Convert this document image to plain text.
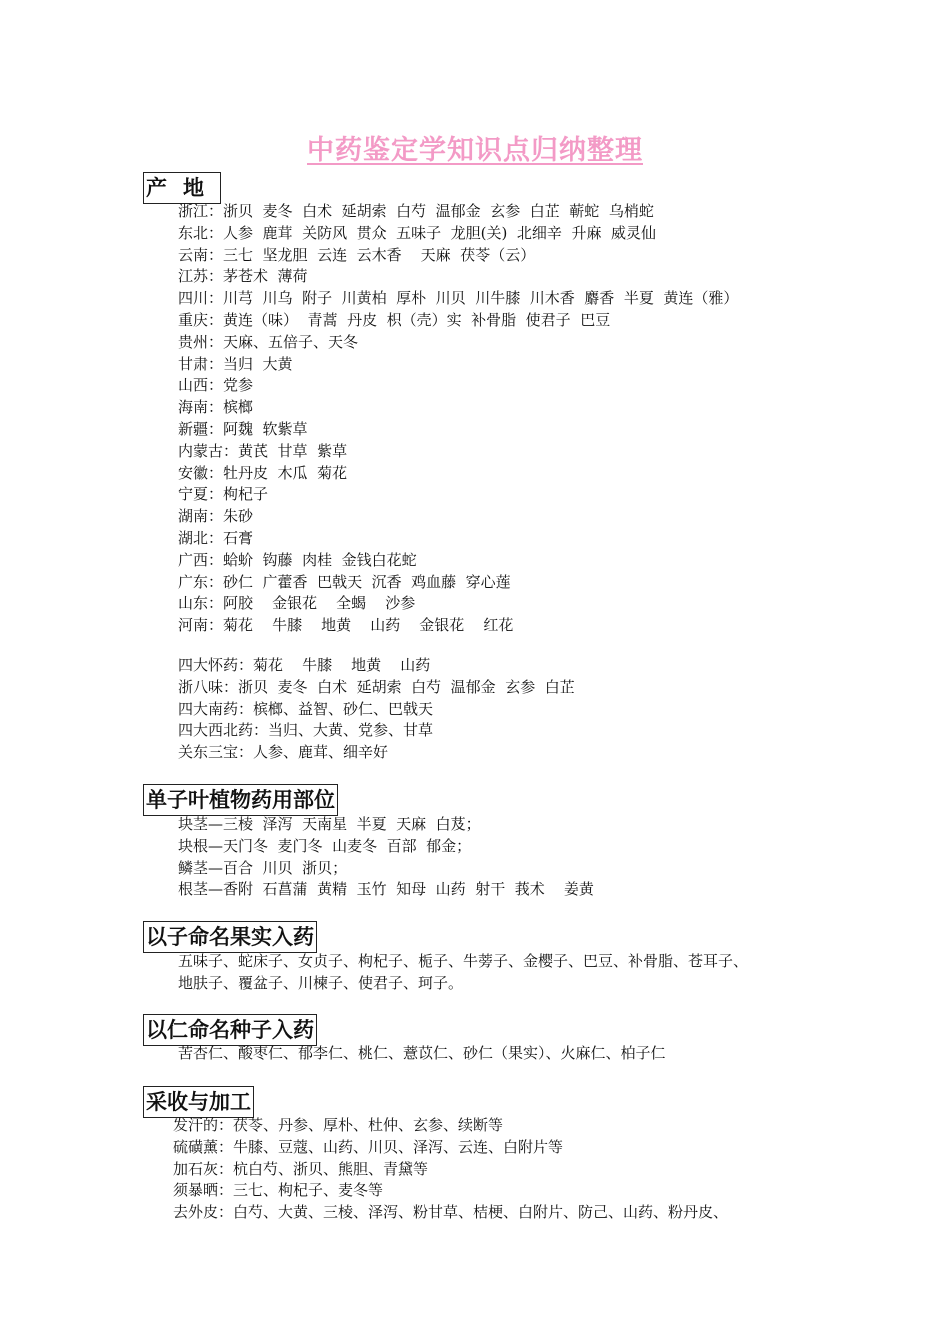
中药鉴定学知识点归纳整理
产地
浙江：浙贝  麦冬  白术  延胡索  白芍  温郁金  玄参  白芷  蕲蛇  乌梢蛇
东北：人参  鹿茸  关防风  贯众  五味子  龙胆(关)  北细辛  升麻  威灵仙
云南：三七  坚龙胆  云连  云木香    天麻  茯苓（云）
江苏：茅苍术  薄荷
四川：川芎  川乌  附子  川黄柏  厚朴  川贝  川牛膝  川木香  麝香  半夏  黄连（雅）
重庆：黄连（味）  青蒿  丹皮  枳（壳）实  补骨脂  使君子  巴豆
贵州：天麻、五倍子、天冬
甘肃：当归  大黄
山西：党参
海南：槟榔
新疆：阿魏  软紫草
内蒙古：黄芪  甘草  紫草
安徽：牡丹皮  木瓜  菊花
宁夏：枸杞子
湖南：朱砂
湖北：石膏
广西：蛤蚧  钩藤  肉桂  金钱白花蛇
广东：砂仁  广藿香  巴戟天  沉香  鸡血藤  穿心莲
山东：阿胶    金银花    全蝎    沙参
河南：菊花    牛膝    地黄    山药    金银花    红花
四大怀药：菊花    牛膝    地黄    山药
浙八味：浙贝  麦冬  白术  延胡索  白芍  温郁金  玄参  白芷
四大南药：槟榔、益智、砂仁、巴戟天
四大西北药：当归、大黄、党参、甘草
关东三宝：人参、鹿茸、细辛好
单子叶植物药用部位
块茎—三棱  泽泻  天南星  半夏  天麻  白芨；
块根—天门冬  麦门冬  山麦冬  百部  郁金；
鳞茎—百合  川贝  浙贝；
根茎—香附  石菖蒲  黄精  玉竹  知母  山药  射干  莪术    姜黄
以子命名果实入药
五味子、蛇床子、女贞子、枸杞子、栀子、牛蒡子、金樱子、巴豆、补骨脂、苍耳子、
地肤子、覆盆子、川楝子、使君子、珂子。
以仁命名种子入药
苦杏仁、酸枣仁、郁李仁、桃仁、薏苡仁、砂仁（果实）、火麻仁、柏子仁
采收与加工
发汗的：茯苓、丹参、厚朴、杜仲、玄参、续断等
硫磺薰：牛膝、豆蔻、山药、川贝、泽泻、云连、白附片等
加石灰：杭白芍、浙贝、熊胆、青黛等
须暴晒：三七、枸杞子、麦冬等
去外皮：白芍、大黄、三棱、泽泻、粉甘草、桔梗、白附片、防己、山药、粉丹皮、
